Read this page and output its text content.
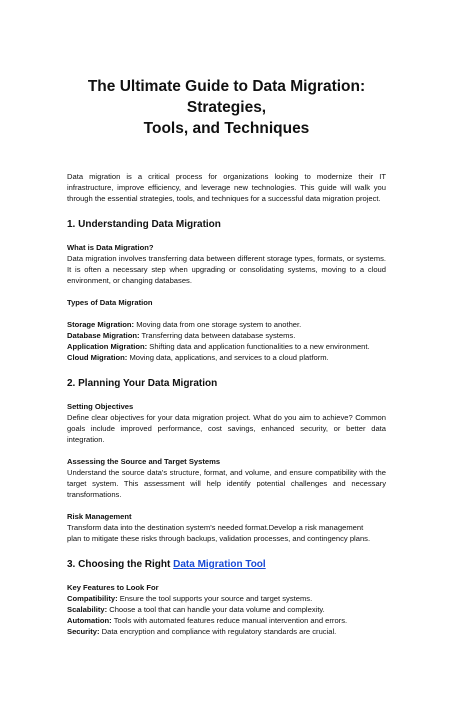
The Ultimate Guide to Data Migration: Strategies,
Tools, and Techniques

Data migration is a critical process for organizations looking to modernize their IT infrastructure, improve efficiency, and leverage new technologies. This guide will walk you through the essential strategies, tools, and techniques for a successful data migration project.

1. Understanding Data Migration
What is Data Migration?

Data migration involves transferring data between different storage types, formats, or systems. It is often a necessary step when upgrading or consolidating systems, moving to a cloud environment, or changing databases.

Types of Data Migration
Storage Migration: Moving data from one storage system to another.
Database Migration: Transferring data between database systems.
Application Migration: Shifting data and application functionalities to a new environment.
Cloud Migration: Moving data, applications, and services to a cloud platform.
2. Planning Your Data Migration
Setting Objectives

Define clear objectives for your data migration project. What do you aim to achieve? Common goals include improved performance, cost savings, enhanced security, or better data integration.

Assessing the Source and Target Systems

Understand the source data's structure, format, and volume, and ensure compatibility with the target system. This assessment will help identify potential challenges and necessary transformations.

Risk Management
Transform data into the destination system's needed format.Develop a risk management
plan to mitigate these risks through backups, validation processes, and contingency plans.
3. Choosing the Right Data Migration Tool
Key Features to Look For
Compatibility: Ensure the tool supports your source and target systems.
Scalability: Choose a tool that can handle your data volume and complexity.
Automation: Tools with automated features reduce manual intervention and errors.
Security: Data encryption and compliance with regulatory standards are crucial.
